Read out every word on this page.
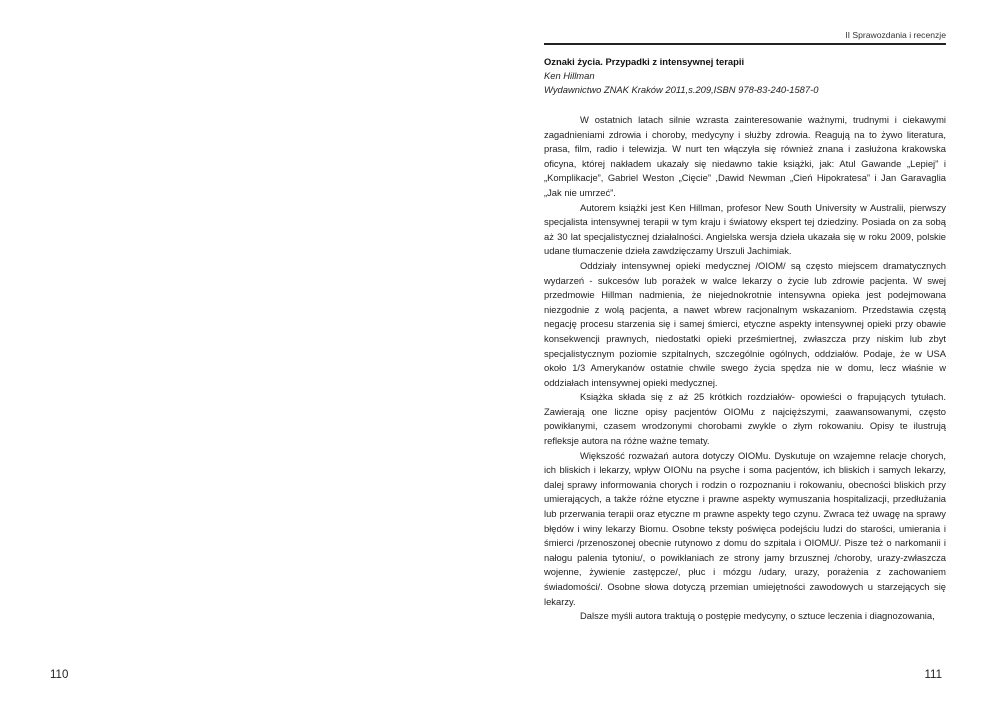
110
II Sprawozdania i recenzje
Oznaki życia. Przypadki z intensywnej terapii
Ken Hillman
Wydawnictwo ZNAK Kraków 2011,s.209,ISBN 978-83-240-1587-0

W ostatnich latach silnie wzrasta zainteresowanie ważnymi, trudnymi i ciekawymi zagadnieniami zdrowia i choroby, medycyny i służby zdrowia. Reagują na to żywo literatura, prasa, film, radio i telewizja. W nurt ten włączyła się również znana i zasłużona krakowska oficyna, której nakładem ukazały się niedawno takie książki, jak: Atul Gawande „Lepiej” i „Komplikacje”, Gabriel Weston „Cięcie” ,Dawid Newman „Cień Hipokratesa” i Jan Garavaglia „Jak nie umrzeć”.

Autorem książki jest Ken Hillman, profesor New South University w Australii, pierwszy specjalista intensywnej terapii w tym kraju i światowy ekspert tej dziedziny. Posiada on za sobą aż 30 lat specjalistycznej działalności. Angielska wersja dzieła ukazała się w roku 2009, polskie udane tłumaczenie dzieła zawdzięczamy Urszuli Jachimiak.

Oddziały intensywnej opieki medycznej /OIOM/ są często miejscem dramatycznych wydarzeń - sukcesów lub porażek w walce lekarzy o życie lub zdrowie pacjenta. W swej przedmowie Hillman nadmienia, że niejednokrotnie intensywna opieka jest podejmowana niezgodnie z wolą pacjenta, a nawet wbrew racjonalnym wskazaniom. Przedstawia częstą negację procesu starzenia się i samej śmierci, etyczne aspekty intensywnej opieki przy obawie konsekwencji prawnych, niedostatki opieki prześmiertnej, zwłaszcza przy niskim lub zbyt specjalistycznym poziomie szpitalnych, szczególnie ogólnych, oddziałów. Podaje, że w USA około 1/3 Amerykanów ostatnie chwile swego życia spędza nie w domu, lecz właśnie w oddziałach intensywnej opieki medycznej.

Książka składa się z aż 25 krótkich rozdziałów- opowieści o frapujących tytułach. Zawierają one liczne opisy pacjentów OIOMu z najcięższymi, zaawansowanymi, często powikłanymi, czasem wrodzonymi chorobami zwykle o złym rokowaniu. Opisy te ilustrują refleksje autora na różne ważne tematy.

Większość rozważań autora dotyczy OIOMu. Dyskutuje on wzajemne relacje chorych, ich bliskich i lekarzy, wpływ OIONu na psyche i soma pacjentów, ich bliskich i samych lekarzy, dalej sprawy informowania chorych i rodzin o rozpoznaniu i rokowaniu, obecności bliskich przy umierających, a także różne etyczne i prawne aspekty wymuszania hospitalizacji, przedłużania lub przerwania terapii oraz etyczne m prawne aspekty tego czynu. Zwraca też uwagę na sprawy błędów i winy lekarzy Biomu. Osobne teksty poświęca podejściu ludzi do starości, umierania i śmierci /przenoszonej obecnie rutynowo z domu do szpitala i OIOMU/. Pisze też o narkomanii i nałogu palenia tytoniu/, o powikłaniach ze strony jamy brzusznej /choroby, urazy-zwłaszcza wojenne, żywienie zastępcze/, płuc i mózgu /udary, urazy, porażenia z zachowaniem świadomości/. Osobne słowa dotyczą przemian umiejętności zawodowych u starzejących się lekarzy.

Dalsze myśli autora traktują o postępie medycyny, o sztuce leczenia i diagnozowania,

111
